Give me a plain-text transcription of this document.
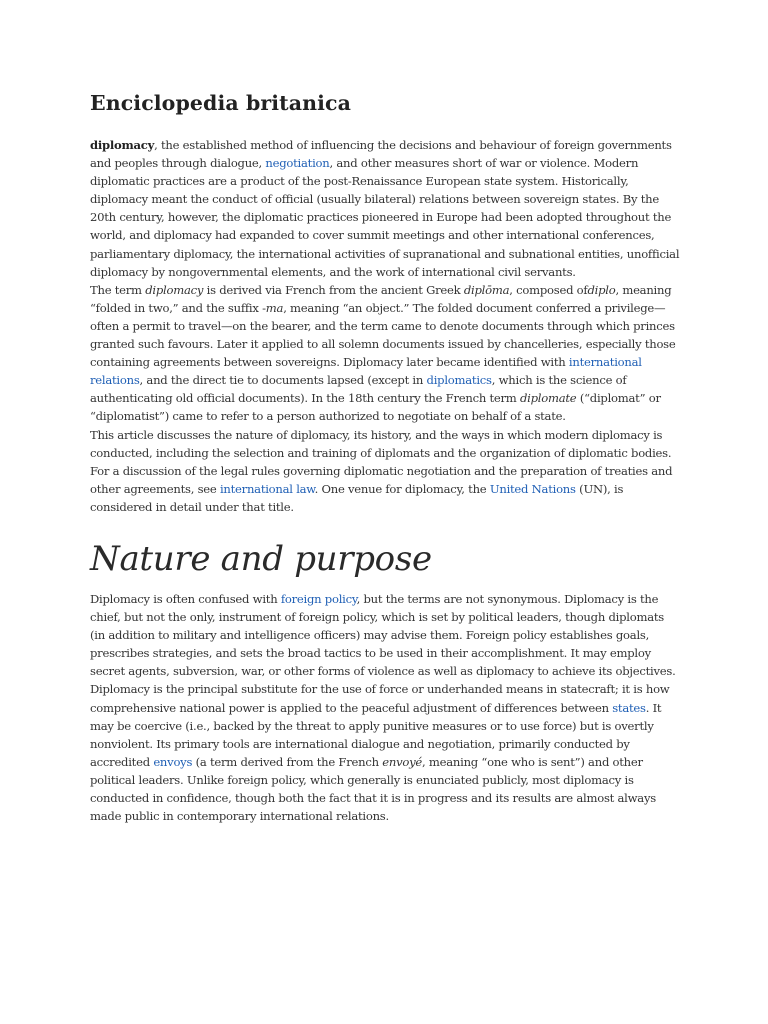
Enciclopedia britanica

diplomacy, the established method of influencing the decisions and behaviour of foreign governments and peoples through dialogue, negotiation, and other measures short of war or violence. Modern diplomatic practices are a product of the post-Renaissance European state system. Historically, diplomacy meant the conduct of official (usually bilateral) relations between sovereign states. By the 20th century, however, the diplomatic practices pioneered in Europe had been adopted throughout the world, and diplomacy had expanded to cover summit meetings and other international conferences, parliamentary diplomacy, the international activities of supranational and subnational entities, unofficial diplomacy by nongovernmental elements, and the work of international civil servants.

The term diplomacy is derived via French from the ancient Greek diplōma, composed ofdiplo, meaning “folded in two,” and the suffix -ma, meaning “an object.” The folded document conferred a privilege—often a permit to travel—on the bearer, and the term came to denote documents through which princes granted such favours. Later it applied to all solemn documents issued by chancelleries, especially those containing agreements between sovereigns. Diplomacy later became identified with international relations, and the direct tie to documents lapsed (except in diplomatics, which is the science of authenticating old official documents). In the 18th century the French term diplomate (“diplomat” or “diplomatist”) came to refer to a person authorized to negotiate on behalf of a state.

This article discusses the nature of diplomacy, its history, and the ways in which modern diplomacy is conducted, including the selection and training of diplomats and the organization of diplomatic bodies. For a discussion of the legal rules governing diplomatic negotiation and the preparation of treaties and other agreements, see international law. One venue for diplomacy, the United Nations (UN), is considered in detail under that title.

Nature and purpose

Diplomacy is often confused with foreign policy, but the terms are not synonymous. Diplomacy is the chief, but not the only, instrument of foreign policy, which is set by political leaders, though diplomats (in addition to military and intelligence officers) may advise them. Foreign policy establishes goals, prescribes strategies, and sets the broad tactics to be used in their accomplishment. It may employ secret agents, subversion, war, or other forms of violence as well as diplomacy to achieve its objectives. Diplomacy is the principal substitute for the use of force or underhanded means in statecraft; it is how comprehensive national power is applied to the peaceful adjustment of differences between states. It may be coercive (i.e., backed by the threat to apply punitive measures or to use force) but is overtly nonviolent. Its primary tools are international dialogue and negotiation, primarily conducted by accredited envoys (a term derived from the French envoyé, meaning “one who is sent”) and other political leaders. Unlike foreign policy, which generally is enunciated publicly, most diplomacy is conducted in confidence, though both the fact that it is in progress and its results are almost always made public in contemporary international relations.
